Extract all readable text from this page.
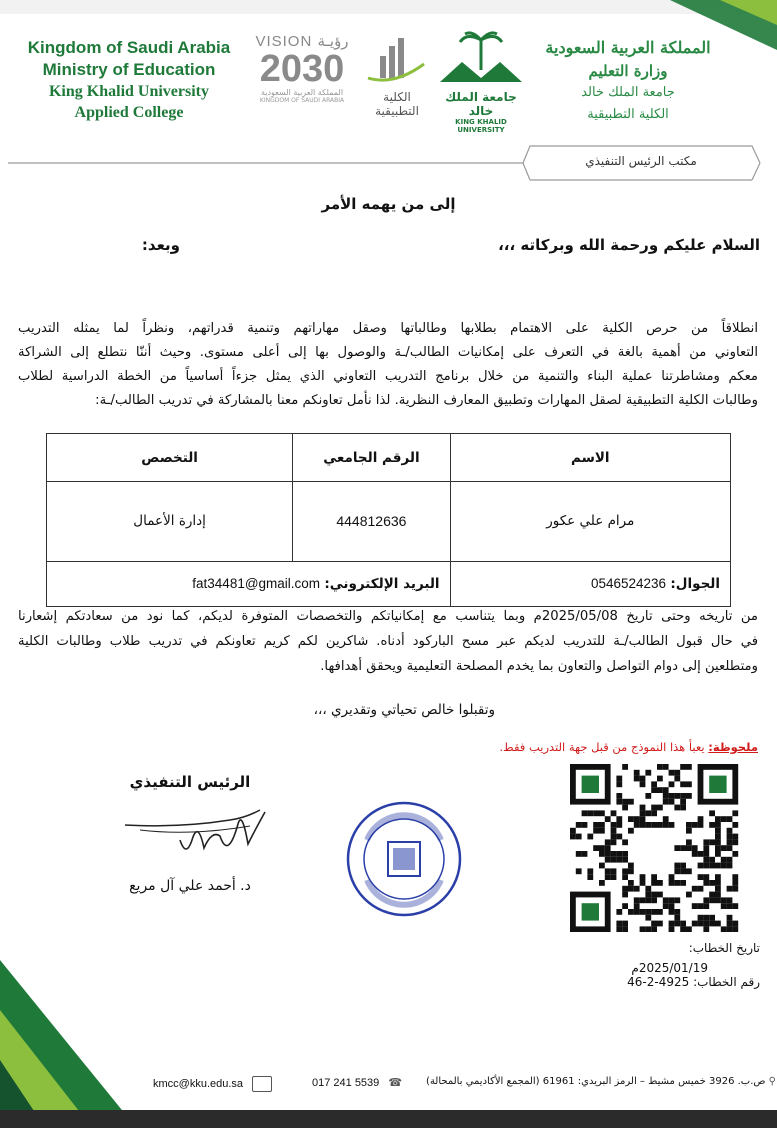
Kingdom of Saudi Arabia
Ministry of Education
King Khalid University
Applied College
VISION رؤيـة
2030
المملكة العربية السعودية
KINGDOM OF SAUDI ARABIA	الكلية التطبيقية
جامعة الملك خالد
KING KHALID UNIVERSITY
المملكة العربية السعودية
وزارة التعليم
جامعة الملك خالد
الكلية التطبيقية
مكتب الرئيس التنفيذي
إلى من يهمه الأمر
السلام عليكم ورحمة الله وبركاته ،،،
وبعد:
انطلاقاً من حرص الكلية على الاهتمام بطلابها وطالباتها وصقل مهاراتهم وتنمية قدراتهم، ونظراً لما يمثله التدريب
التعاوني من أهمية بالغة في التعرف على إمكانيات الطالب/ـة والوصول بها إلى أعلى مستوى. وحيث أننّا نتطلع إلى الشراكة
معكم ومشاطرتنا عملية البناء والتنمية من خلال برنامج التدريب التعاوني الذي يمثل جزءاً أساسياً من الخطة الدراسية لطلاب
وطالبات الكلية التطبيقية لصقل المهارات وتطبيق المعارف النظرية. لذا نأمل تعاونكم معنا بالمشاركة في تدريب الطالب/ـة:
الاسم	الرقم الجامعي	التخصص
مرام علي عكور	444812636	إدارة الأعمال
الجوال: 0546524236	البريد الإلكتروني: fat34481@gmail.com	
من تاريخه وحتى تاريخ 2025/05/08م وبما يتناسب مع إمكانياتكم والتخصصات المتوفرة لديكم، كما نود من سعادتكم إشعارنا
في حال قبول الطالب/ـة للتدريب لديكم عبر مسح الباركود أدناه. شاكرين لكم كريم تعاونكم في تدريب طلاب وطالبات الكلية
ومتطلعين إلى دوام التواصل والتعاون بما يخدم المصلحة التعليمية ويحقق أهدافها.
وتقبلوا خالص تحياتي وتقديري ،،،
ملحوظة: يعبأ هذا النموذج من قبل جهة التدريب فقط.
الرئيس التنفيذي
د. أحمد علي آل مريع
تاريخ الخطاب:
2025/01/19م
رقم الخطاب: 4925-2-46
kmcc@kku.edu.sa	017 241 5539 ☎	⚲ ص.ب. 3926 خميس مشيط – الرمز البريدي: 61961 (المجمع الأكاديمي بالمحالة)
